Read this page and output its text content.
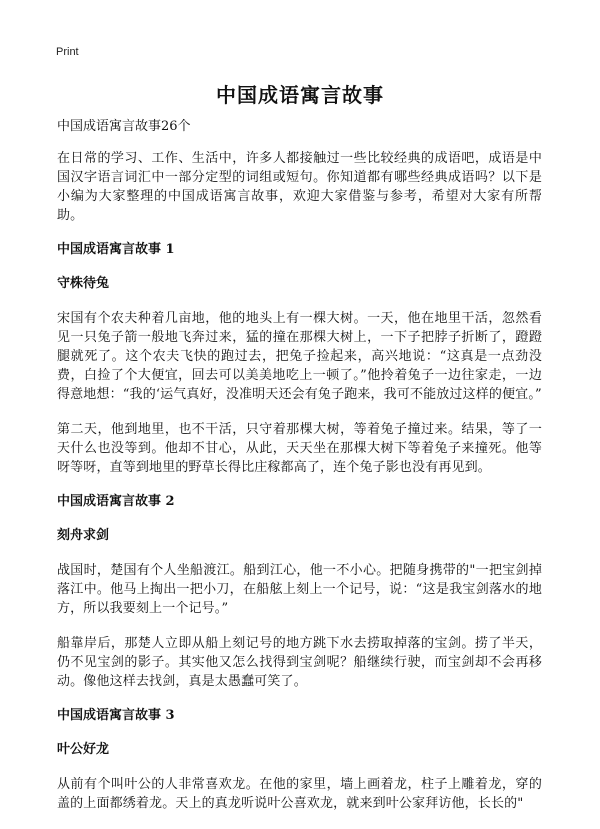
Print
中国成语寓言故事
中国成语寓言故事26个

在日常的学习、工作、生活中，许多人都接触过一些比较经典的成语吧，成语是中国汉字语言词汇中一部分定型的词组或短句。你知道都有哪些经典成语吗？以下是小编为大家整理的中国成语寓言故事，欢迎大家借鉴与参考，希望对大家有所帮助。

中国成语寓言故事 1
守株待兔

宋国有个农夫种着几亩地，他的地头上有一棵大树。一天，他在地里干活，忽然看见一只兔子箭一般地飞奔过来，猛的撞在那棵大树上，一下子把脖子折断了，蹬蹬腿就死了。这个农夫飞快的跑过去，把兔子捡起来，高兴地说：“这真是一点劲没费，白捡了个大便宜，回去可以美美地吃上一顿了。”他拎着兔子一边往家走，一边得意地想：“我的‘运气真好，没准明天还会有兔子跑来，我可不能放过这样的便宜。”

第二天，他到地里，也不干活，只守着那棵大树，等着兔子撞过来。结果，等了一天什么也没等到。他却不甘心，从此，天天坐在那棵大树下等着兔子来撞死。他等呀等呀，直等到地里的野草长得比庄稼都高了，连个兔子影也没有再见到。

中国成语寓言故事 2
刻舟求剑

战国时，楚国有个人坐船渡江。船到江心，他一不小心。把随身携带的"一把宝剑掉落江中。他马上掏出一把小刀，在船舷上刻上一个记号，说：“这是我宝剑落水的地方，所以我要刻上一个记号。”

船靠岸后，那楚人立即从船上刻记号的地方跳下水去捞取掉落的宝剑。捞了半天，仍不见宝剑的影子。其实他又怎么找得到宝剑呢？船继续行驶，而宝剑却不会再移动。像他这样去找剑，真是太愚蠢可笑了。

中国成语寓言故事 3
叶公好龙

从前有个叫叶公的人非常喜欢龙。在他的家里，墙上画着龙，柱子上雕着龙，穿的盖的上面都绣着龙。天上的真龙听说叶公喜欢龙，就来到叶公家拜访他，长长的"
